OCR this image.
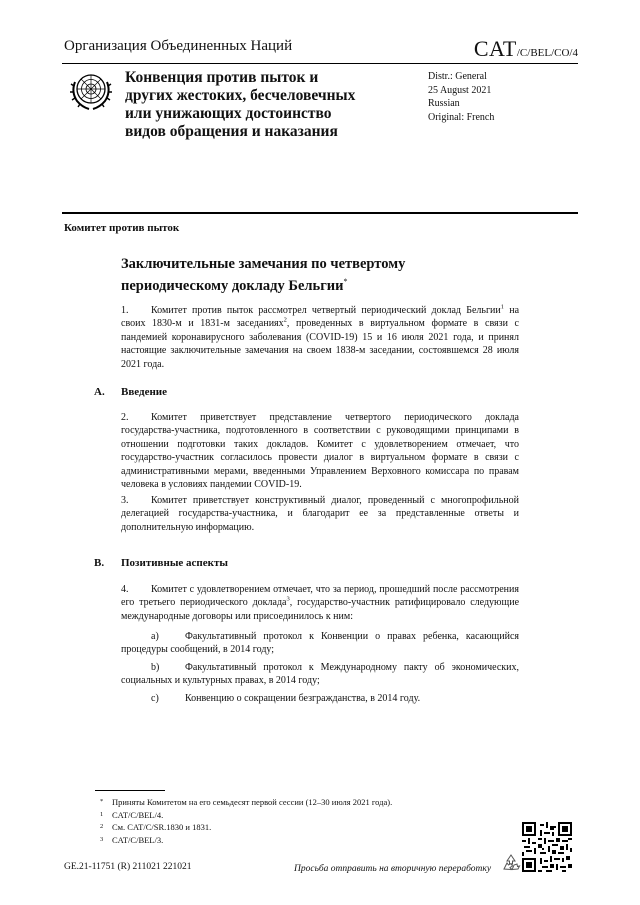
Организация Объединенных Наций	CAT/C/BEL/CO/4
Конвенция против пыток и
других жестоких, бесчеловечных
или унижающих достоинство
видов обращения и наказания
Distr.: General
25 August 2021
Russian
Original: French
Комитет против пыток
Заключительные замечания по четвертому
периодическому докладу Бельгии*
1. Комитет против пыток рассмотрел четвертый периодический доклад Бельгии$^1$ на своих 1830-м и 1831-м заседаниях$^2$, проведенных в виртуальном формате в связи с пандемией коронавирусного заболевания (COVID-19) 15 и 16 июля 2021 года, и принял настоящие заключительные замечания на своем 1838-м заседании, состоявшемся 28 июля 2021 года.
A. Введение
2. Комитет приветствует представление четвертого периодического доклада государства-участника, подготовленного в соответствии с руководящими принципами в отношении подготовки таких докладов. Комитет с удовлетворением отмечает, что государство-участник согласилось провести диалог в виртуальном формате в связи с административными мерами, введенными Управлением Верховного комиссара по правам человека в условиях пандемии COVID-19.
3. Комитет приветствует конструктивный диалог, проведенный с многопрофильной делегацией государства-участника, и благодарит ее за представленные ответы и дополнительную информацию.
B. Позитивные аспекты
4. Комитет с удовлетворением отмечает, что за период, прошедший после рассмотрения его третьего периодического доклада$^3$, государство-участник ратифицировало следующие международные договоры или присоединилось к ним:
a)	Факультативный протокол к Конвенции о правах ребенка, касающийся процедуры сообщений, в 2014 году;
b)	Факультативный протокол к Международному пакту об экономических, социальных и культурных правах, в 2014 году;
c)	Конвенцию о сокращении безгражданства, в 2014 году.
* Приняты Комитетом на его семьдесят первой сессии (12–30 июля 2021 года).
1 CAT/C/BEL/4.
2 См. CAT/C/SR.1830 и 1831.
3 CAT/C/BEL/3.
GE.21-11751 (R) 211021 221021	Просьба отправить на вторичную переработку
